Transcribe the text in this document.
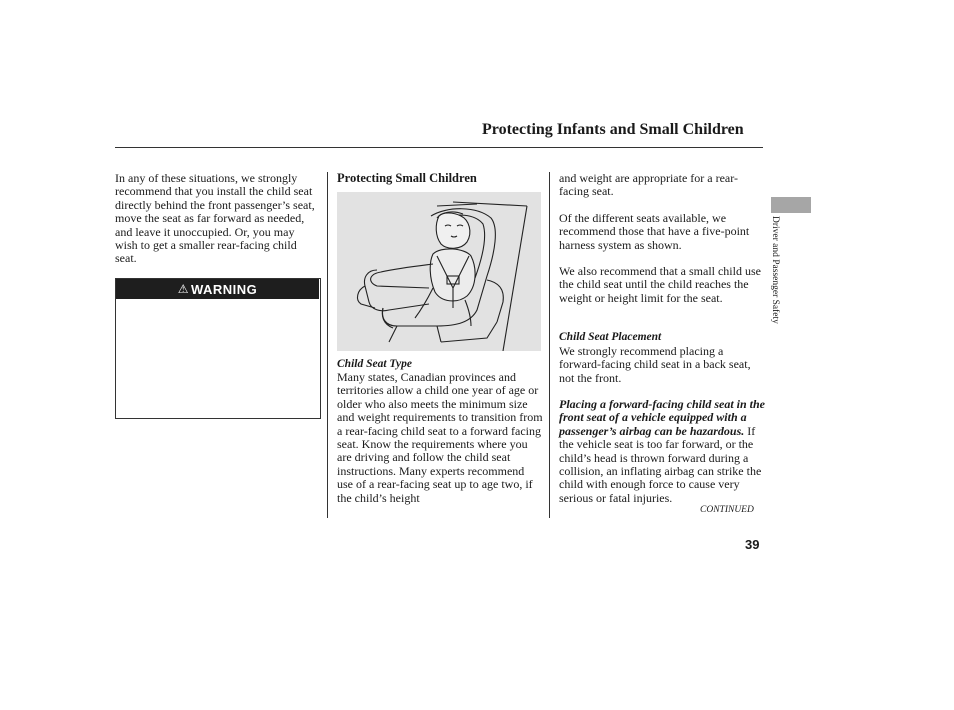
Protecting Infants and Small Children

In any of these situations, we strongly recommend that you install the child seat directly behind the front passenger’s seat, move the seat as far forward as needed, and leave it unoccupied. Or, you may wish to get a smaller rear-facing child seat.

⚠ WARNING
Protecting Small Children
Child Seat Type

Many states, Canadian provinces and territories allow a child one year of age or older who also meets the minimum size and weight requirements to transition from a rear-facing child seat to a forward facing seat. Know the requirements where you are driving and follow the child seat instructions. Many experts recommend use of a rear-facing seat up to age two, if the child’s height

and weight are appropriate for a rear-facing seat.

Of the different seats available, we recommend those that have a five-point harness system as shown.

We also recommend that a small child use the child seat until the child reaches the weight or height limit for the seat.

Child Seat Placement

We strongly recommend placing a forward-facing child seat in a back seat, not the front.

Placing a forward-facing child seat in the front seat of a vehicle equipped with a passenger’s airbag can be hazardous. If the vehicle seat is too far forward, or the child’s head is thrown forward during a collision, an inflating airbag can strike the child with enough force to cause very serious or fatal injuries.

CONTINUED
39
Driver and Passenger Safety
